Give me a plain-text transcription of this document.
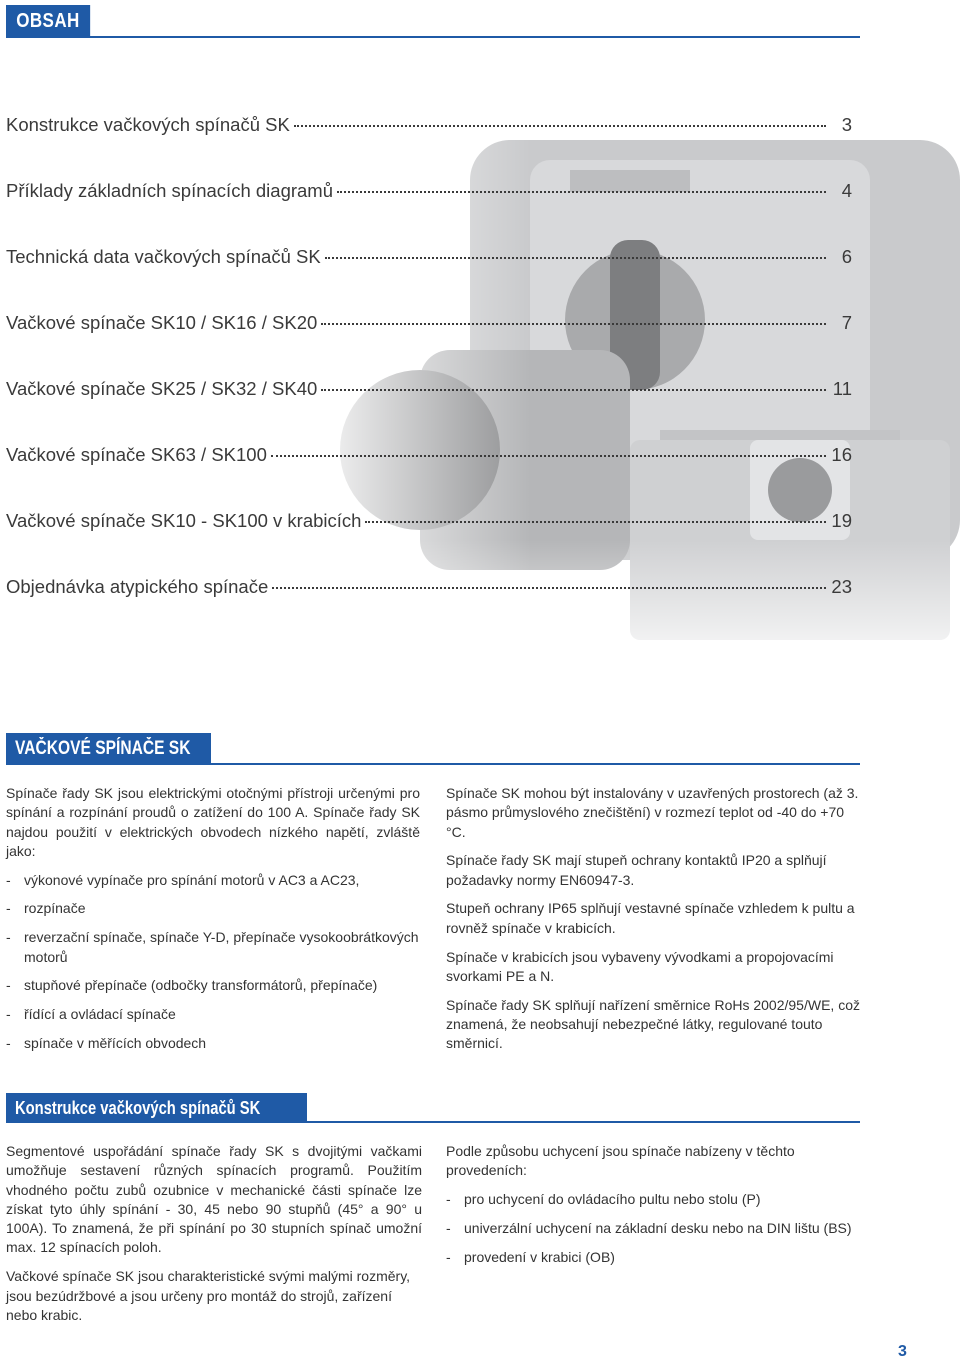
OBSAH
Konstrukce vačkových spínačů SK	3
Příklady základních spínacích diagramů	4
Technická data vačkových spínačů SK	6
Vačkové spínače SK10 / SK16 / SK20	7
Vačkové spínače SK25 / SK32 / SK40	11
Vačkové spínače SK63 / SK100	16
Vačkové spínače SK10 - SK100 v krabicích	19
Objednávka atypického spínače	23
VAČKOVÉ SPÍNAČE SK

Spínače řady SK jsou elektrickými otočnými přístroji určenými pro spínání a rozpínání proudů o zatížení do 100 A. Spínače řady SK najdou použití v elektrických obvodech nízkého napětí, zvláště jako:

- výkonové vypínače pro spínání motorů v AC3 a AC23,
- rozpínače
- reverzační spínače, spínače Y-D, přepínače vysokoobrátkových motorů
- stupňové přepínače (odbočky transformátorů, přepínače)
- řídící a ovládací spínače
- spínače v měřících obvodech

Spínače SK mohou být instalovány v uzavřených prostorech (až 3. pásmo průmyslového znečištění) v rozmezí teplot od -40 do +70 °C.

Spínače řady SK mají stupeň ochrany kontaktů IP20 a splňují požadavky normy EN60947-3.

Stupeň ochrany IP65 splňují vestavné spínače vzhledem k pultu a rovněž spínače v krabicích.

Spínače v krabicích jsou vybaveny vývodkami a propojovacími svorkami PE a N.

Spínače řady SK splňují nařízení směrnice RoHs 2002/95/WE, což znamená, že neobsahují nebezpečné látky, regulované touto směrnicí.

Konstrukce vačkových spínačů SK

Segmentové uspořádání spínače řady SK s dvojitými vačkami umožňuje sestavení různých spínacích programů. Použitím vhodného počtu zubů ozubnice v mechanické části spínače lze získat tyto úhly spínání - 30, 45 nebo 90 stupňů (45° a 90° u 100A). To znamená, že při spínání po 30 stupních spínač umožní max. 12 spínacích poloh.

Vačkové spínače SK jsou charakteristické svými malými rozměry, jsou bezúdržbové a jsou určeny pro montáž do strojů, zařízení nebo krabic.

Podle způsobu uchycení jsou spínače nabízeny v těchto provedeních:

- pro uchycení do ovládacího pultu nebo stolu (P)
- univerzální uchycení na základní desku nebo na DIN lištu (BS)
- provedení v krabici (OB)
3
